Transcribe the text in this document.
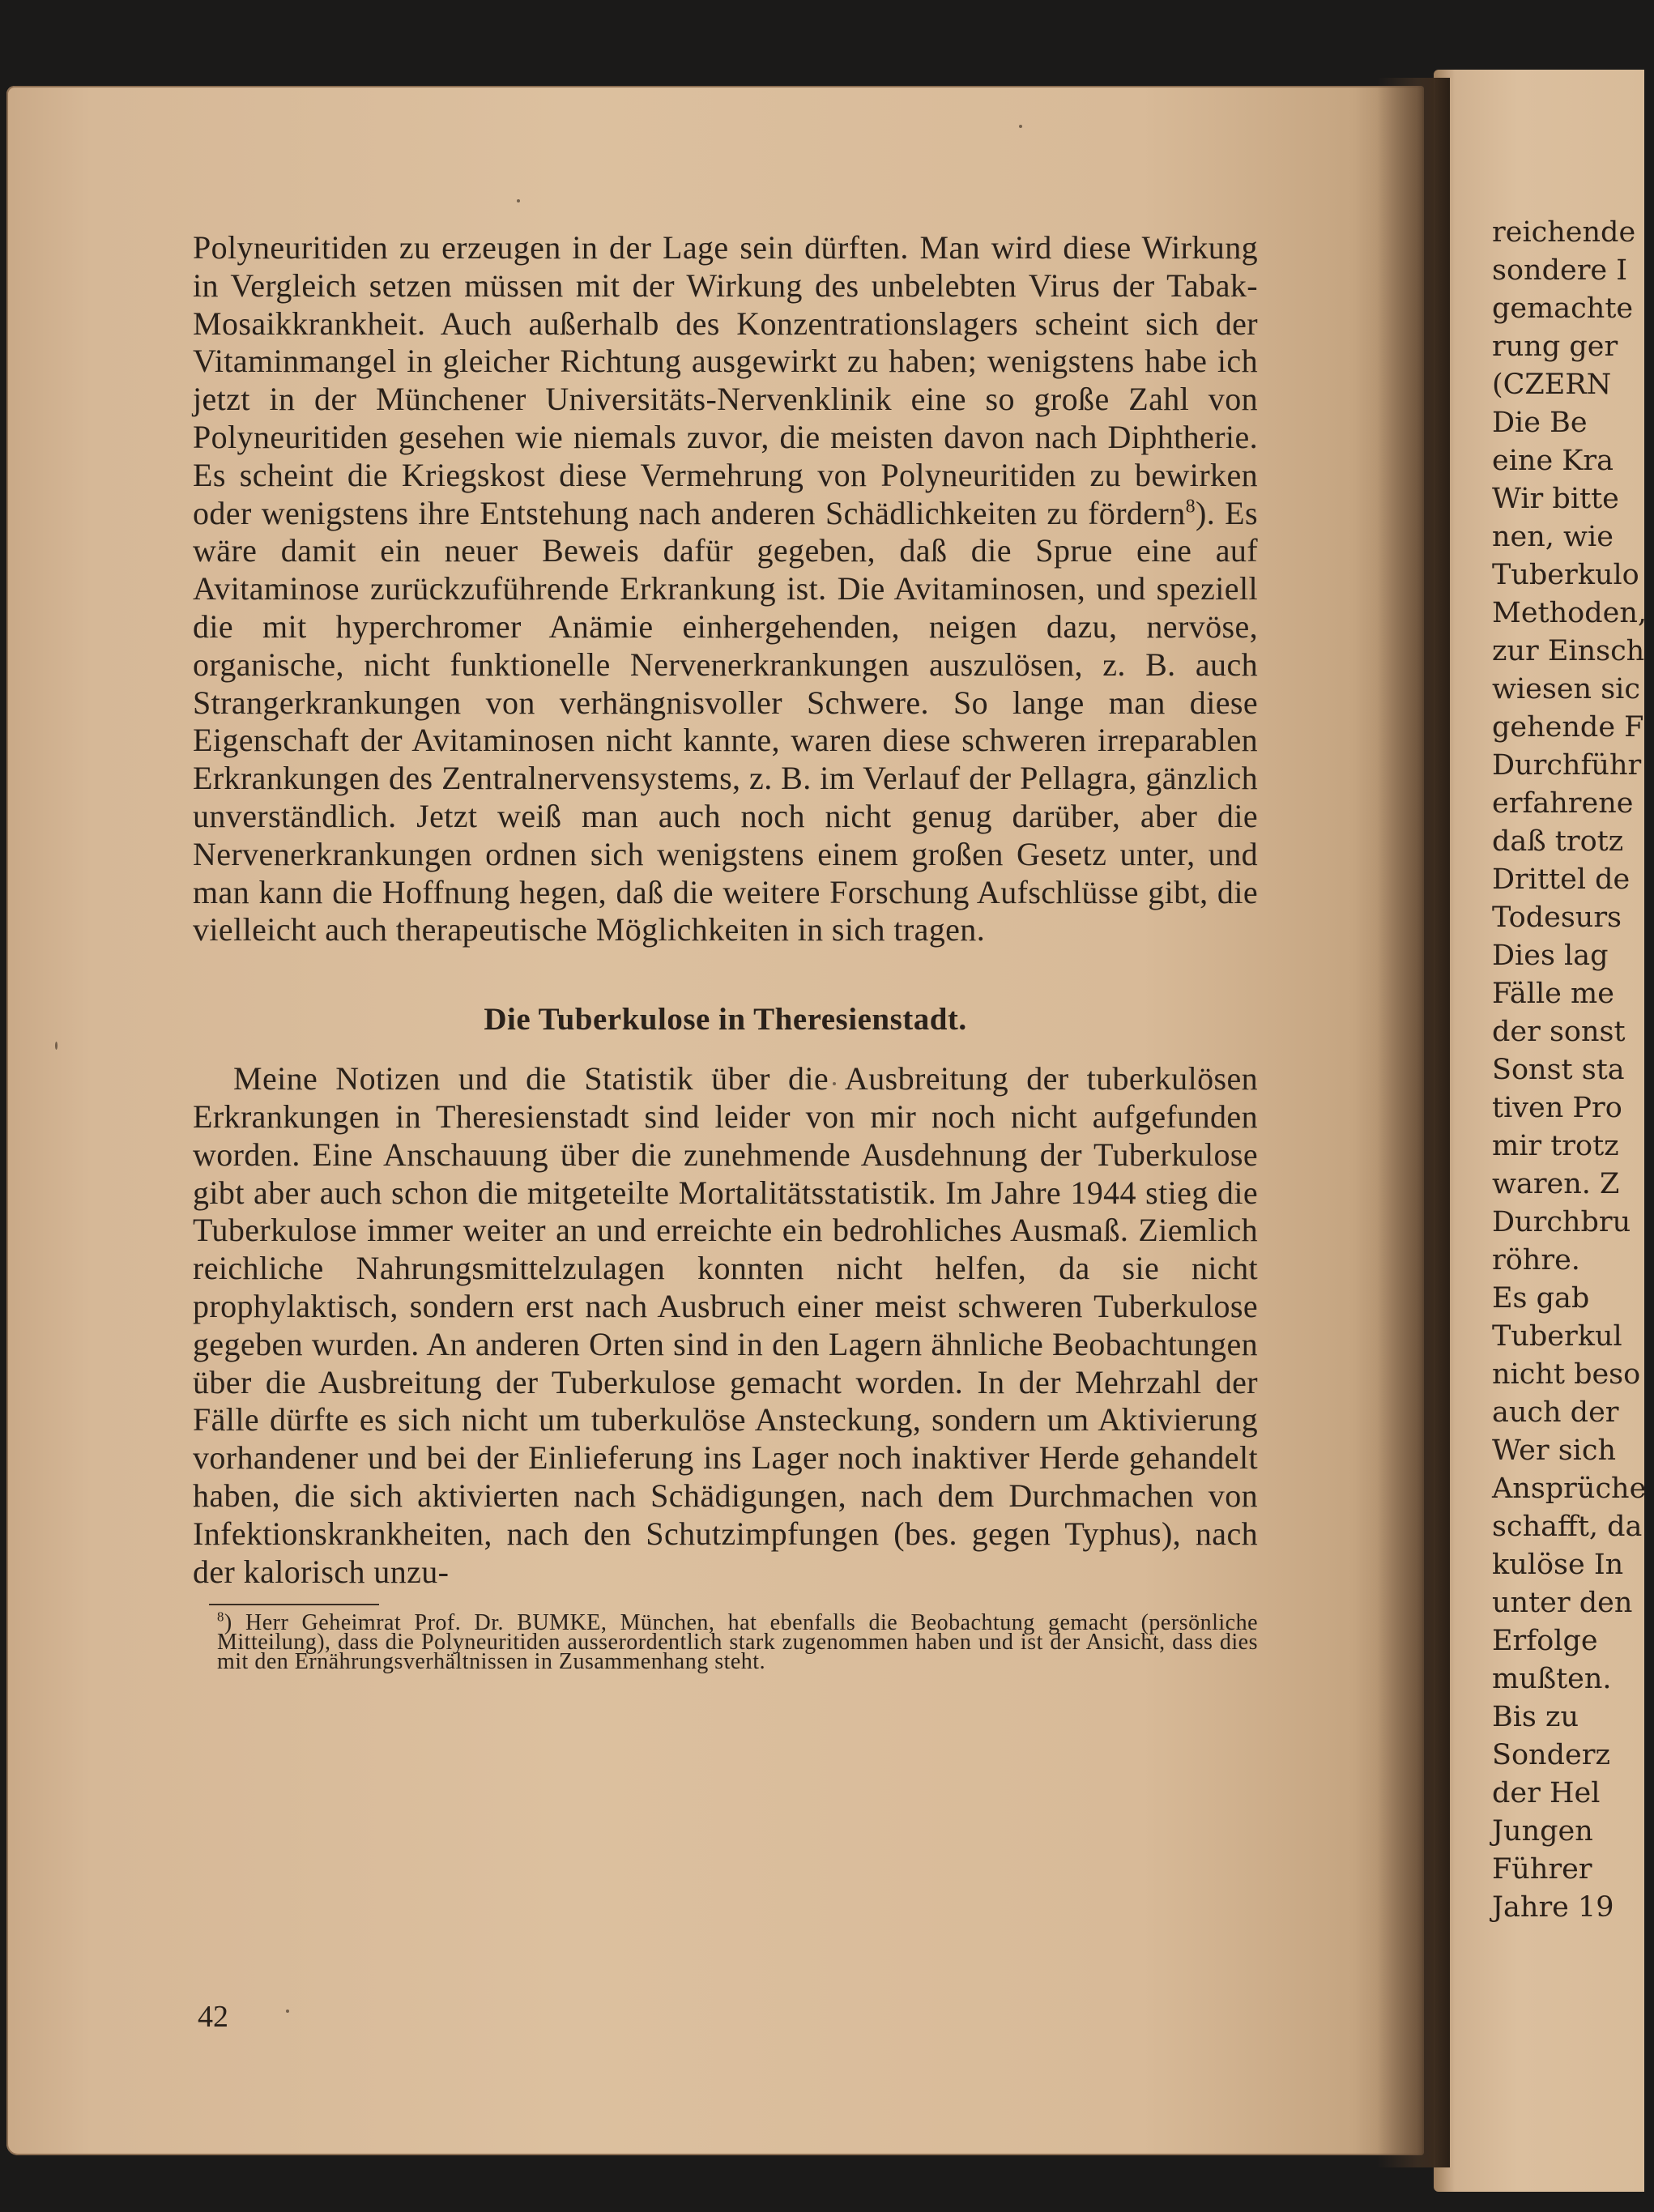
reichende
sondere I
gemachte
rung ger
(CZERN
Die Be
eine Kra
Wir bitte
nen, wie
Tuberkulo
Methoden,
zur Einsch
wiesen sic
gehende F
Durchführ
erfahrene
daß trotz
Drittel de
Todesurs
Dies lag
Fälle me
der sonst
Sonst sta
tiven Pro
mir trotz
waren. Z
Durchbru
röhre.
Es gab
Tuberkul
nicht beso
auch der
Wer sich
Ansprüche
schafft, da
kulöse In
unter den
Erfolge
mußten.
Bis zu
Sonderz
der Hel
Jungen
Führer
Jahre 19

Polyneuritiden zu erzeugen in der Lage sein dürften. Man wird diese Wirkung in Vergleich setzen müssen mit der Wirkung des unbelebten Virus der Tabak-Mosaikkrankheit. Auch außerhalb des Konzentrationslagers scheint sich der Vitaminmangel in gleicher Richtung ausgewirkt zu haben; wenigstens habe ich jetzt in der Münchener Universitäts-Nervenklinik eine so große Zahl von Polyneuritiden gesehen wie niemals zuvor, die meisten davon nach Diphtherie. Es scheint die Kriegskost diese Vermehrung von Polyneuritiden zu bewirken oder wenigstens ihre Entstehung nach anderen Schädlichkeiten zu fördern$^8$). Es wäre damit ein neuer Beweis dafür gegeben, daß die Sprue eine auf Avitaminose zurückzuführende Erkrankung ist. Die Avitaminosen, und speziell die mit hyperchromer Anämie einhergehenden, neigen dazu, nervöse, organische, nicht funktionelle Nervenerkrankungen auszulösen, z. B. auch Strangerkrankungen von verhängnisvoller Schwere. So lange man diese Eigenschaft der Avitaminosen nicht kannte, waren diese schweren irreparablen Erkrankungen des Zentralnervensystems, z. B. im Verlauf der Pellagra, gänzlich unverständlich. Jetzt weiß man auch noch nicht genug darüber, aber die Nervenerkrankungen ordnen sich wenigstens einem großen Gesetz unter, und man kann die Hoffnung hegen, daß die weitere Forschung Aufschlüsse gibt, die vielleicht auch therapeutische Möglichkeiten in sich tragen.

Die Tuberkulose in Theresienstadt.

Meine Notizen und die Statistik über die Ausbreitung der tuberkulösen Erkrankungen in Theresienstadt sind leider von mir noch nicht aufgefunden worden. Eine Anschauung über die zunehmende Ausdehnung der Tuberkulose gibt aber auch schon die mitgeteilte Mortalitätsstatistik. Im Jahre 1944 stieg die Tuberkulose immer weiter an und erreichte ein bedrohliches Ausmaß. Ziemlich reichliche Nahrungsmittelzulagen konnten nicht helfen, da sie nicht prophylaktisch, sondern erst nach Ausbruch einer meist schweren Tuberkulose gegeben wurden. An anderen Orten sind in den Lagern ähnliche Beobachtungen über die Ausbreitung der Tuberkulose gemacht worden. In der Mehrzahl der Fälle dürfte es sich nicht um tuberkulöse Ansteckung, sondern um Aktivierung vorhandener und bei der Einlieferung ins Lager noch inaktiver Herde gehandelt haben, die sich aktivierten nach Schädigungen, nach dem Durchmachen von Infektionskrankheiten, nach den Schutzimpfungen (bes. gegen Typhus), nach der kalorisch unzu-

$^8$) Herr Geheimrat Prof. Dr. BUMKE, München, hat ebenfalls die Beobachtung gemacht (persönliche Mitteilung), dass die Polyneuritiden ausserordentlich stark zugenommen haben und ist der Ansicht, dass dies mit den Ernährungsverhältnissen in Zusammenhang steht.
42
